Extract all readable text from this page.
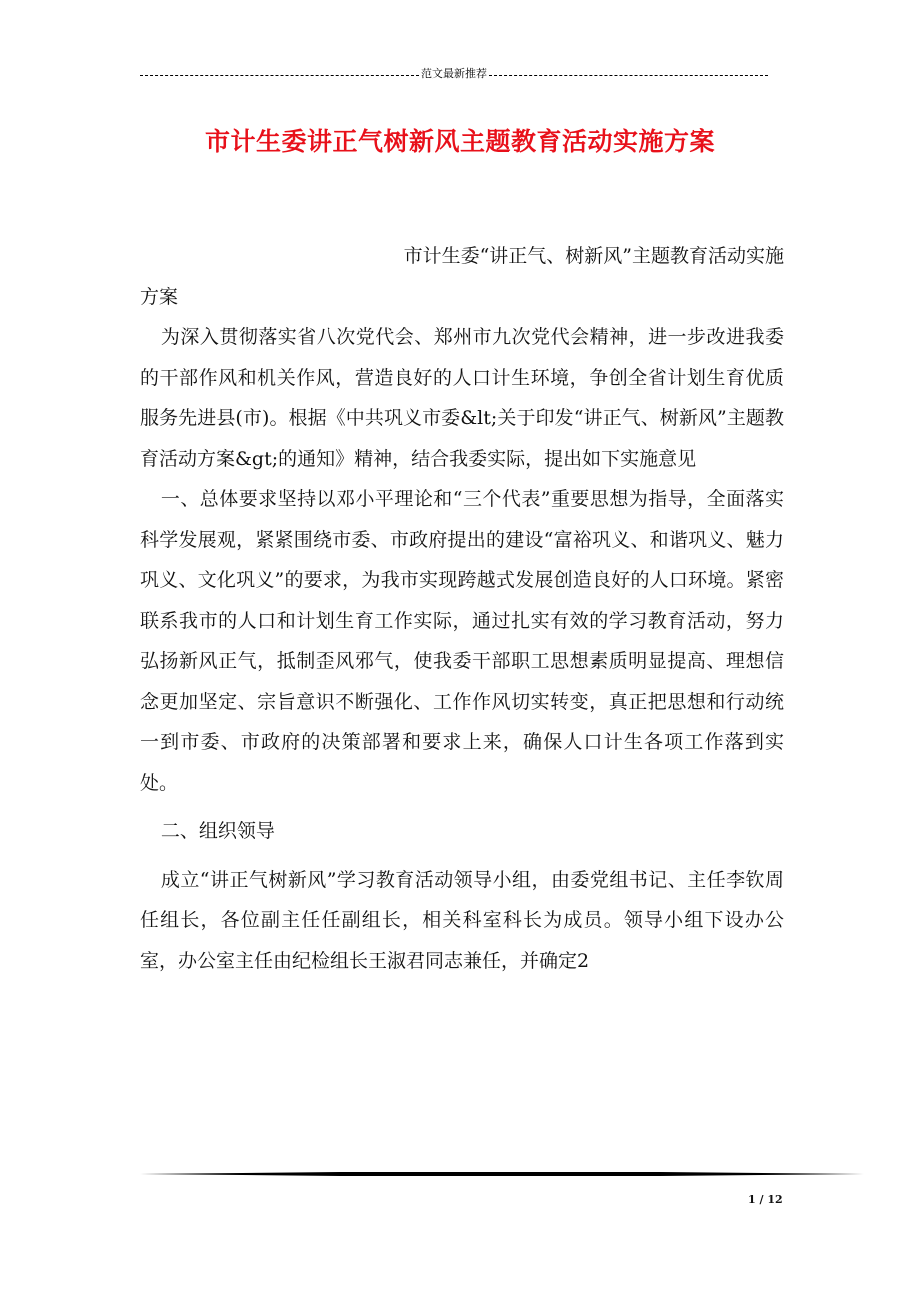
范文最新推荐
市计生委讲正气树新风主题教育活动实施方案

市计生委“讲正气、树新风”主题教育活动实施

方案

为深入贯彻落实省八次党代会、郑州市九次党代会精神，进一步改进我委的干部作风和机关作风，营造良好的人口计生环境，争创全省计划生育优质服务先进县(市)。根据《中共巩义市委&lt;关于印发“讲正气、树新风”主题教育活动方案&gt;的通知》精神，结合我委实际，提出如下实施意见

一、总体要求坚持以邓小平理论和“三个代表”重要思想为指导，全面落实科学发展观，紧紧围绕市委、市政府提出的建设“富裕巩义、和谐巩义、魅力巩义、文化巩义”的要求，为我市实现跨越式发展创造良好的人口环境。紧密联系我市的人口和计划生育工作实际，通过扎实有效的学习教育活动，努力弘扬新风正气，抵制歪风邪气，使我委干部职工思想素质明显提高、理想信念更加坚定、宗旨意识不断强化、工作作风切实转变，真正把思想和行动统一到市委、市政府的决策部署和要求上来，确保人口计生各项工作落到实处。

二、组织领导

成立“讲正气树新风”学习教育活动领导小组，由委党组书记、主任李钦周任组长，各位副主任任副组长，相关科室科长为成员。领导小组下设办公室，办公室主任由纪检组长王淑君同志兼任，并确定2

1 / 12
